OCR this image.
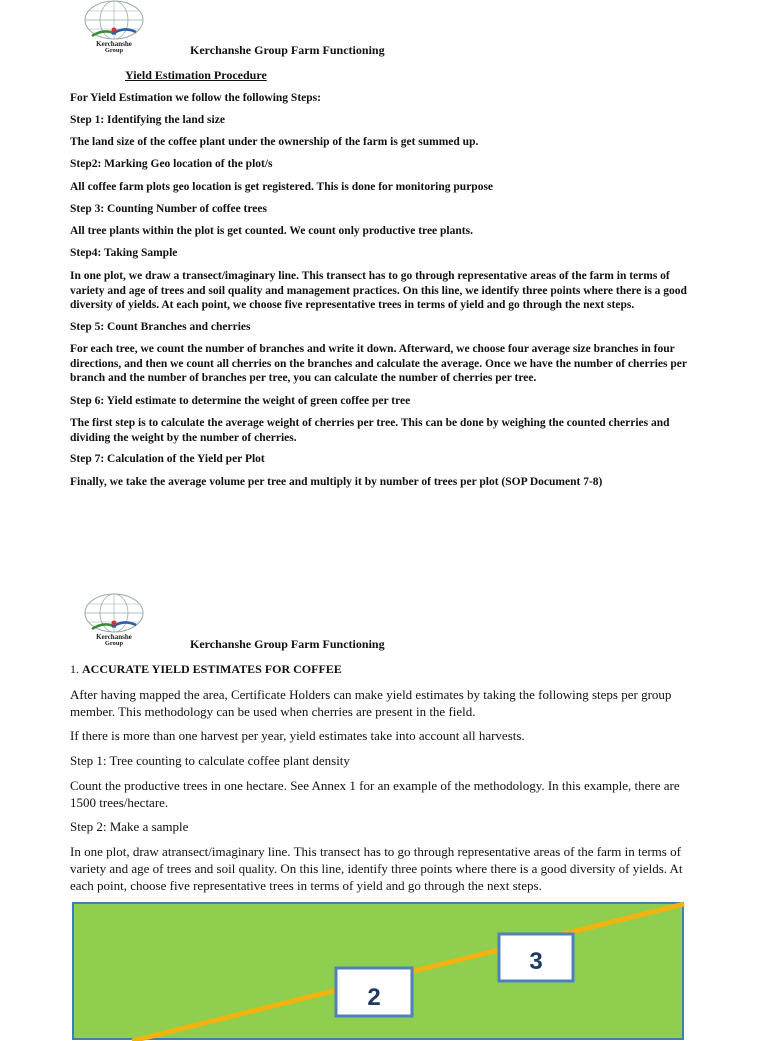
Kerchanshe
Group	Kerchanshe Group Farm Functioning
Yield Estimation Procedure
For Yield Estimation we follow the following Steps:
Step 1: Identifying the land size
The land size of the coffee plant under the ownership of the farm is get summed up.
Step2: Marking Geo location of the plot/s
All coffee farm plots geo location is get registered. This is done for monitoring purpose
Step 3: Counting Number of coffee trees
All tree plants within the plot is get counted. We count only productive tree plants.
Step4: Taking Sample
In one plot, we draw a transect/imaginary line. This transect has to go through representative areas of the farm in terms of variety and age of trees and soil quality and management practices. On this line, we identify three points where there is a good diversity of yields. At each point, we choose five representative trees in terms of yield and go through the next steps.
Step 5: Count Branches and cherries
For each tree, we count the number of branches and write it down. Afterward, we choose four average size branches in four directions, and then we count all cherries on the branches and calculate the average. Once we have the number of cherries per branch and the number of branches per tree, you can calculate the number of cherries per tree.
Step 6: Yield estimate to determine the weight of green coffee per tree
The first step is to calculate the average weight of cherries per tree. This can be done by weighing the counted cherries and dividing the weight by the number of cherries.
Step 7: Calculation of the Yield per Plot
Finally, we take the average volume per tree and multiply it by number of trees per plot (SOP Document 7-8)
Kerchanshe
Group	Kerchanshe Group Farm Functioning
1. ACCURATE YIELD ESTIMATES FOR COFFEE
After having mapped the area, Certificate Holders can make yield estimates by taking the following steps per group member. This methodology can be used when cherries are present in the field.
If there is more than one harvest per year, yield estimates take into account all harvests.
Step 1: Tree counting to calculate coffee plant density
Count the productive trees in one hectare. See Annex 1 for an example of the methodology. In this example, there are 1500 trees/hectare.
Step 2: Make a sample
In one plot, draw atransect/imaginary line. This transect has to go through representative areas of the farm in terms of variety and age of trees and soil quality. On this line, identify three points where there is a good diversity of yields. At each point, choose five representative trees in terms of yield and go through the next steps.
2
3
